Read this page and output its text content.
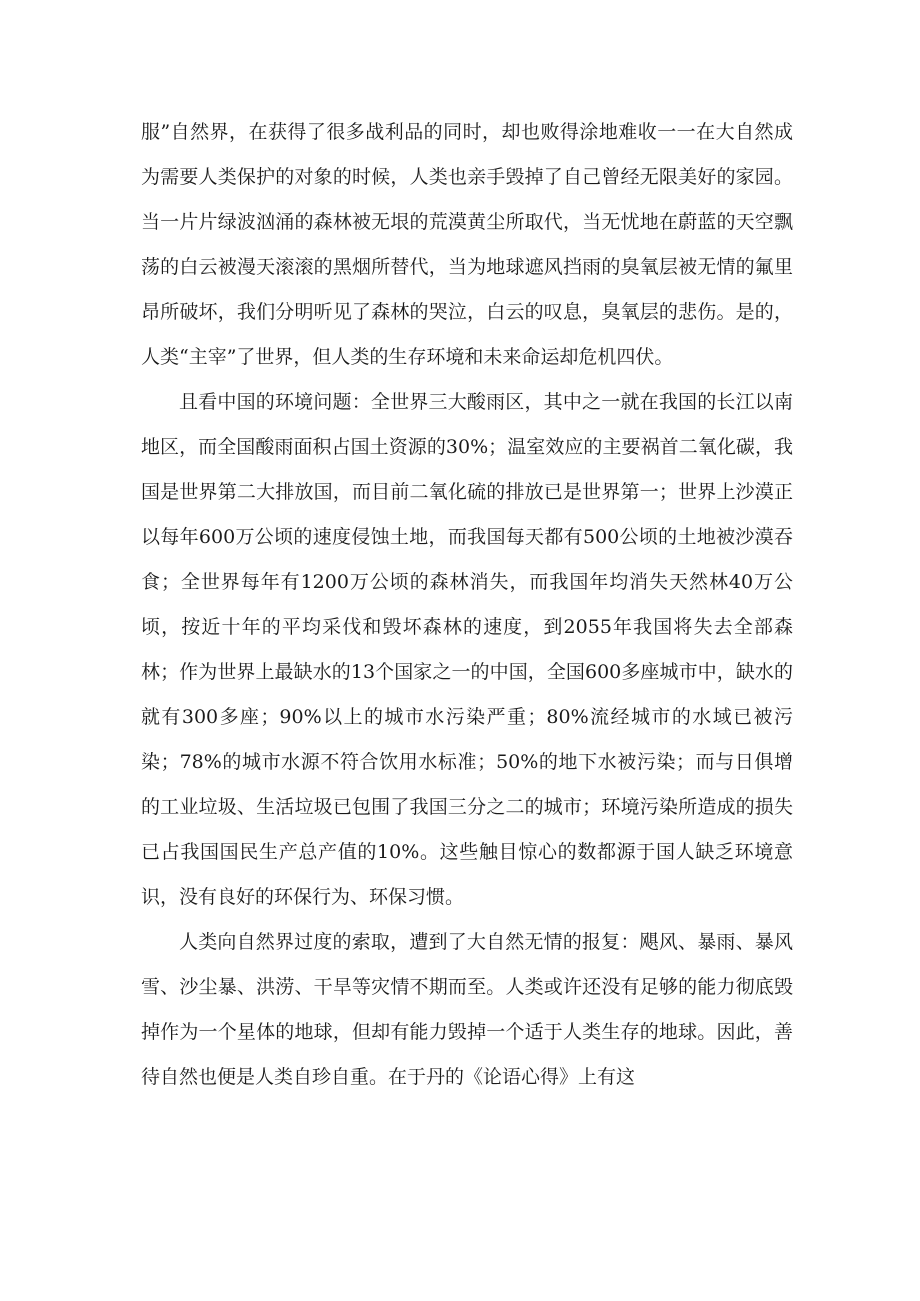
服”自然界，在获得了很多战利品的同时，却也败得涂地难收一一在大自然成为需要人类保护的对象的时候，人类也亲手毁掉了自己曾经无限美好的家园。当一片片绿波汹涌的森林被无垠的荒漠黄尘所取代，当无忧地在蔚蓝的天空飘荡的白云被漫天滚滚的黑烟所替代，当为地球遮风挡雨的臭氧层被无情的氟里昂所破坏，我们分明听见了森林的哭泣，白云的叹息，臭氧层的悲伤。是的，人类“主宰”了世界，但人类的生存环境和未来命运却危机四伏。

且看中国的环境问题：全世界三大酸雨区，其中之一就在我国的长江以南地区，而全国酸雨面积占国土资源的30%；温室效应的主要祸首二氧化碳，我国是世界第二大排放国，而目前二氧化硫的排放已是世界第一；世界上沙漠正以每年600万公顷的速度侵蚀土地，而我国每天都有500公顷的土地被沙漠吞食；全世界每年有1200万公顷的森林消失，而我国年均消失天然林40万公顷，按近十年的平均采伐和毁坏森林的速度，到2055年我国将失去全部森林；作为世界上最缺水的13个国家之一的中国，全国600多座城市中，缺水的就有300多座；90%以上的城市水污染严重；80%流经城市的水域已被污染；78%的城市水源不符合饮用水标准；50%的地下水被污染；而与日俱增的工业垃圾、生活垃圾已包围了我国三分之二的城市；环境污染所造成的损失已占我国国民生产总产值的10%。这些触目惊心的数都源于国人缺乏环境意识，没有良好的环保行为、环保习惯。

人类向自然界过度的索取，遭到了大自然无情的报复：飓风、暴雨、暴风雪、沙尘暴、洪涝、干旱等灾情不期而至。人类或许还没有足够的能力彻底毁掉作为一个星体的地球，但却有能力毁掉一个适于人类生存的地球。因此，善待自然也便是人类自珍自重。在于丹的《论语心得》上有这
